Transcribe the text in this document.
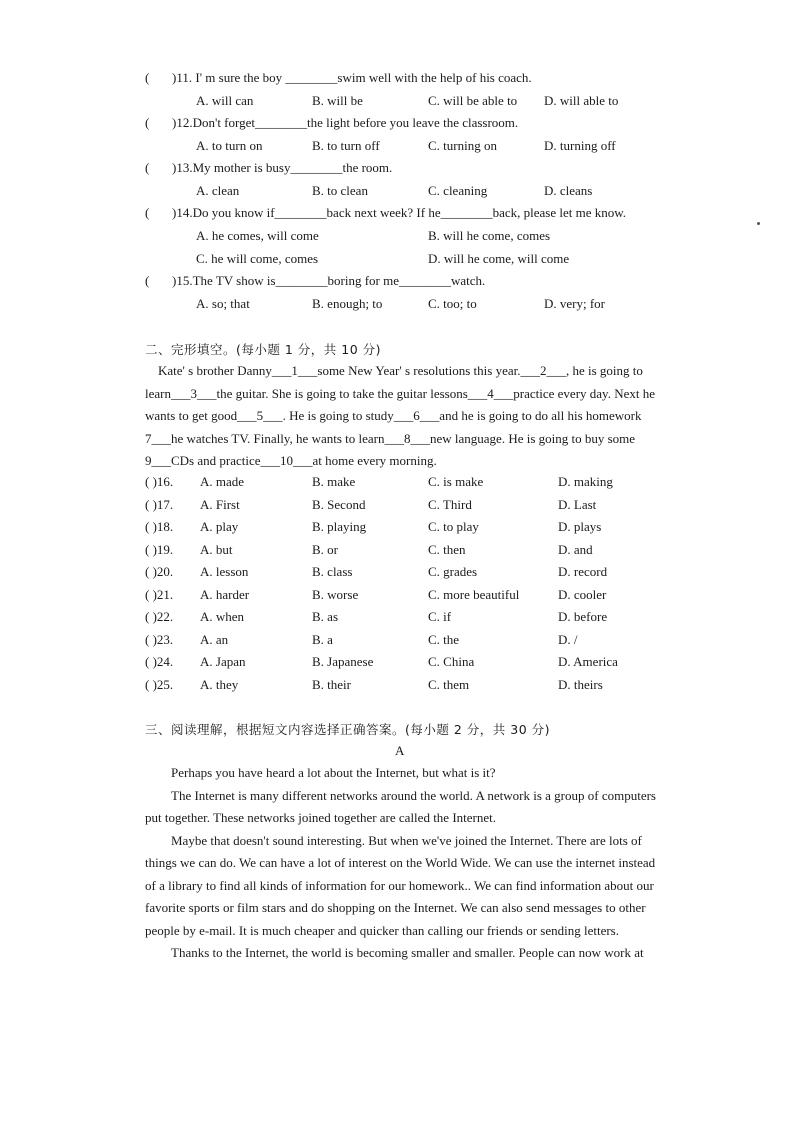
( )11. I' m sure the boy ________swim well with the help of his coach.
A. will can	B. will be	C. will be able to D. will able to
( )12.Don't forget________the light before you leave the classroom.
A. to turn on	B. to turn off	C. turning on	D. turning off
( )13.My mother is busy________the room.
A. clean	B. to clean	C. cleaning	D. cleans
( )14.Do you know if________back next week? If he________back, please let me know.
A. he comes, will come	B. will he come, comes
C. he will come, comes	D. will he come, will come
( )15.The TV show is________boring for me________watch.
A. so; that	B. enough; to	C. too; to	D. very; for
二、完形填空。(每小题 1 分，共 10 分)

Kate' s brother Danny___1___some New Year' s resolutions this year.___2___, he is going to

learn___3___the guitar. She is going to take the guitar lessons___4___practice every day. Next he

wants to get good___5___. He is going to study___6___and he is going to do all his homework

7___he watches TV. Finally, he wants to learn___8___new language. He is going to buy some

9___CDs and practice___10___at home every morning.

( )16. A. made	B. make	C. is make	D. making
( )17. A. First	B. Second	C. Third	D. Last
( )18. A. play	B. playing	C. to play	D. plays
( )19. A. but	B. or	C. then	D. and
( )20. A. lesson	B. class	C. grades	D. record
( )21. A. harder	B. worse	C. more beautiful	D. cooler
( )22. A. when	B. as	C. if	D. before
( )23. A. an	B. a	C. the	D. /
( )24. A. Japan	B. Japanese	C. China	D. America
( )25. A. they	B. their	C. them	D. theirs
三、阅读理解，根据短文内容选择正确答案。(每小题 2 分，共 30 分)
A

Perhaps you have heard a lot about the Internet, but what is it?

The Internet is many different networks around the world. A network is a group of computers

put together. These networks joined together are called the Internet.

Maybe that doesn't sound interesting. But when we've joined the Internet. There are lots of

things we can do. We can have a lot of interest on the World Wide. We can use the internet instead

of a library to find all kinds of information for our homework.. We can find information about our

favorite sports or film stars and do shopping on the Internet. We can also send messages to other

people by e-mail. It is much cheaper and quicker than calling our friends or sending letters.

Thanks to the Internet, the world is becoming smaller and smaller. People can now work at
